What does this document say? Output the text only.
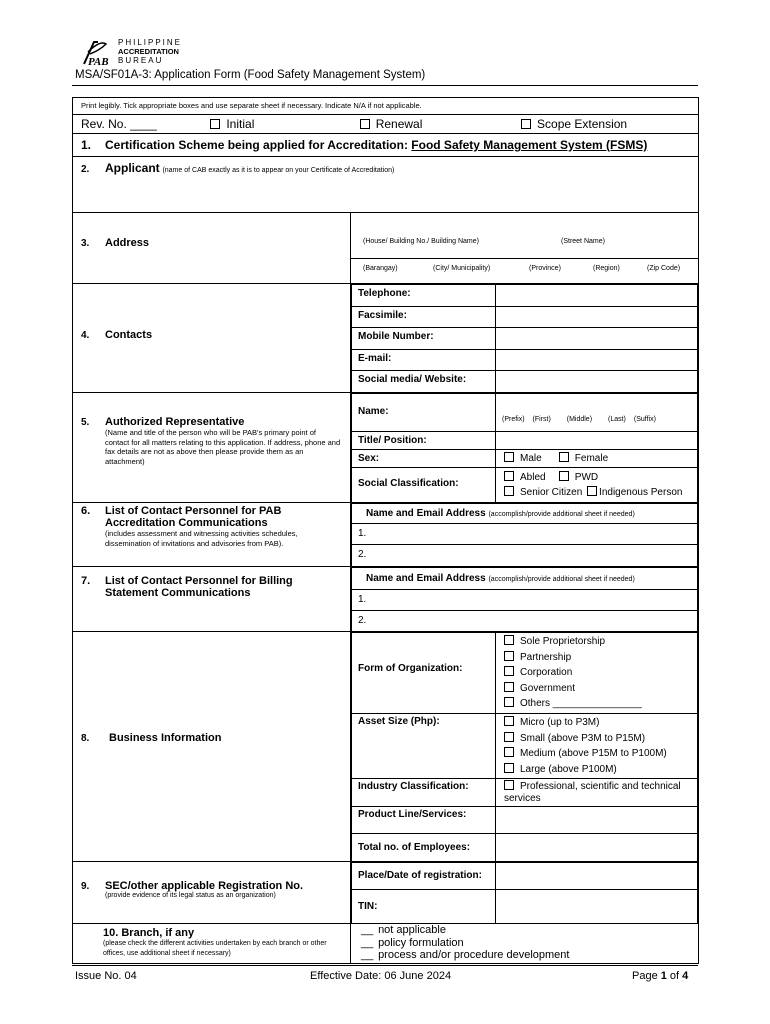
PAB
PHILIPPINE
ACCREDITATION
BUREAU
MSA/SF01A-3: Application Form (Food Safety Management System)
Print legibly. Tick appropriate boxes and use separate sheet if necessary. Indicate N/A if not applicable.
Rev. No. ____	Initial	Renewal	Scope Extension
1. Certification Scheme being applied for Accreditation: Food Safety Management System (FSMS)
2. Applicant (name of CAB exactly as it is to appear on your Certificate of Accreditation)
3. Address	(House/ Building No./ Building Name)	(Street Name)
(Barangay)	(City/ Municipality)	(Province)	(Region)	(Zip Code)

4. Contacts	
Telephone:	
Facsimile:	
Mobile Number:	
E-mail:	
Social media/ Website:	

5. Authorized Representative
(Name and title of the person who will be PAB's primary point of contact for all matters relating to this application. If address, phone and fax details are not as above then please provide them as an attachment)

Name:	
(Prefix) (First) (Middle) (Last) (Suffix)

Title/ Position:	
Sex:	Male	Female
Social Classification:	
Abled	PWD
Senior Citizen Indigenous Person

6. List of Contact Personnel for PAB
Accreditation Communications
(includes assessment and witnessing activities schedules, dissemination of invitations and advisories from PAB).

Name and Email Address (accomplish/provide additional sheet if needed)
1.
2.

7. List of Contact Personnel for Billing
Statement Communications

Name and Email Address (accomplish/provide additional sheet if needed)
1.
2.

8. Business Information	
Form of Organization:	
Sole Proprietorship
Partnership
Corporation
Government
Others ________________

Asset Size (Php):	Micro (up to P3M)
Small (above P3M to P15M)
Medium (above P15M to P100M)
Large (above P100M)

Industry Classification:	Professional, scientific and technical services
Product Line/Services:	
Total no. of Employees:	

9. SEC/other applicable Registration No.
(provide evidence of its legal status as an organization)

Place/Date of registration:	
TIN:	

10. Branch, if any
(please check the different activities undertaken by each branch or other offices, use additional sheet if necessary)

__ not applicable
__ policy formulation
__ process and/or procedure development
Issue No. 04	Effective Date: 06 June 2024	Page 1 of 4
